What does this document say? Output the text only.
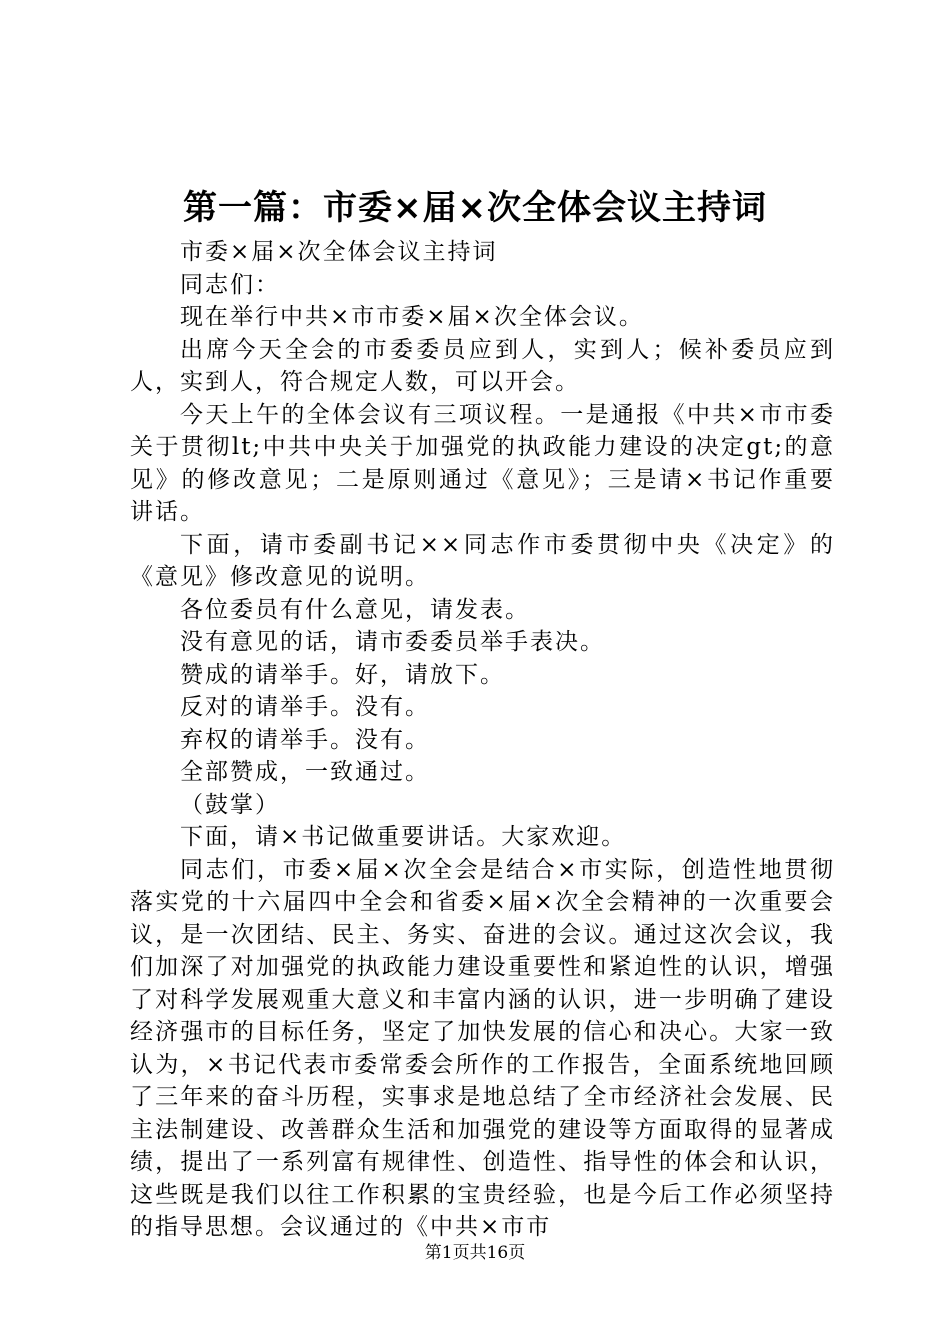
第一篇：市委×届×次全体会议主持词

市委×届×次全体会议主持词

同志们：

现在举行中共×市市委×届×次全体会议。

出席今天全会的市委委员应到人，实到人；候补委员应到人，实到人，符合规定人数，可以开会。

今天上午的全体会议有三项议程。一是通报《中共×市市委关于贯彻lt;中共中央关于加强党的执政能力建设的决定gt;的意见》的修改意见；二是原则通过《意见》；三是请×书记作重要讲话。

下面，请市委副书记××同志作市委贯彻中央《决定》的《意见》修改意见的说明。

各位委员有什么意见，请发表。

没有意见的话，请市委委员举手表决。

赞成的请举手。好，请放下。

反对的请举手。没有。

弃权的请举手。没有。

全部赞成，一致通过。

（鼓掌）

下面，请×书记做重要讲话。大家欢迎。

同志们，市委×届×次全会是结合×市实际，创造性地贯彻落实党的十六届四中全会和省委×届×次全会精神的一次重要会议，是一次团结、民主、务实、奋进的会议。通过这次会议，我们加深了对加强党的执政能力建设重要性和紧迫性的认识，增强了对科学发展观重大意义和丰富内涵的认识，进一步明确了建设经济强市的目标任务，坚定了加快发展的信心和决心。大家一致认为，×书记代表市委常委会所作的工作报告，全面系统地回顾了三年来的奋斗历程，实事求是地总结了全市经济社会发展、民主法制建设、改善群众生活和加强党的建设等方面取得的显著成绩，提出了一系列富有规律性、创造性、指导性的体会和认识，这些既是我们以往工作积累的宝贵经验，也是今后工作必须坚持的指导思想。会议通过的《中共×市市

第1页共16页
